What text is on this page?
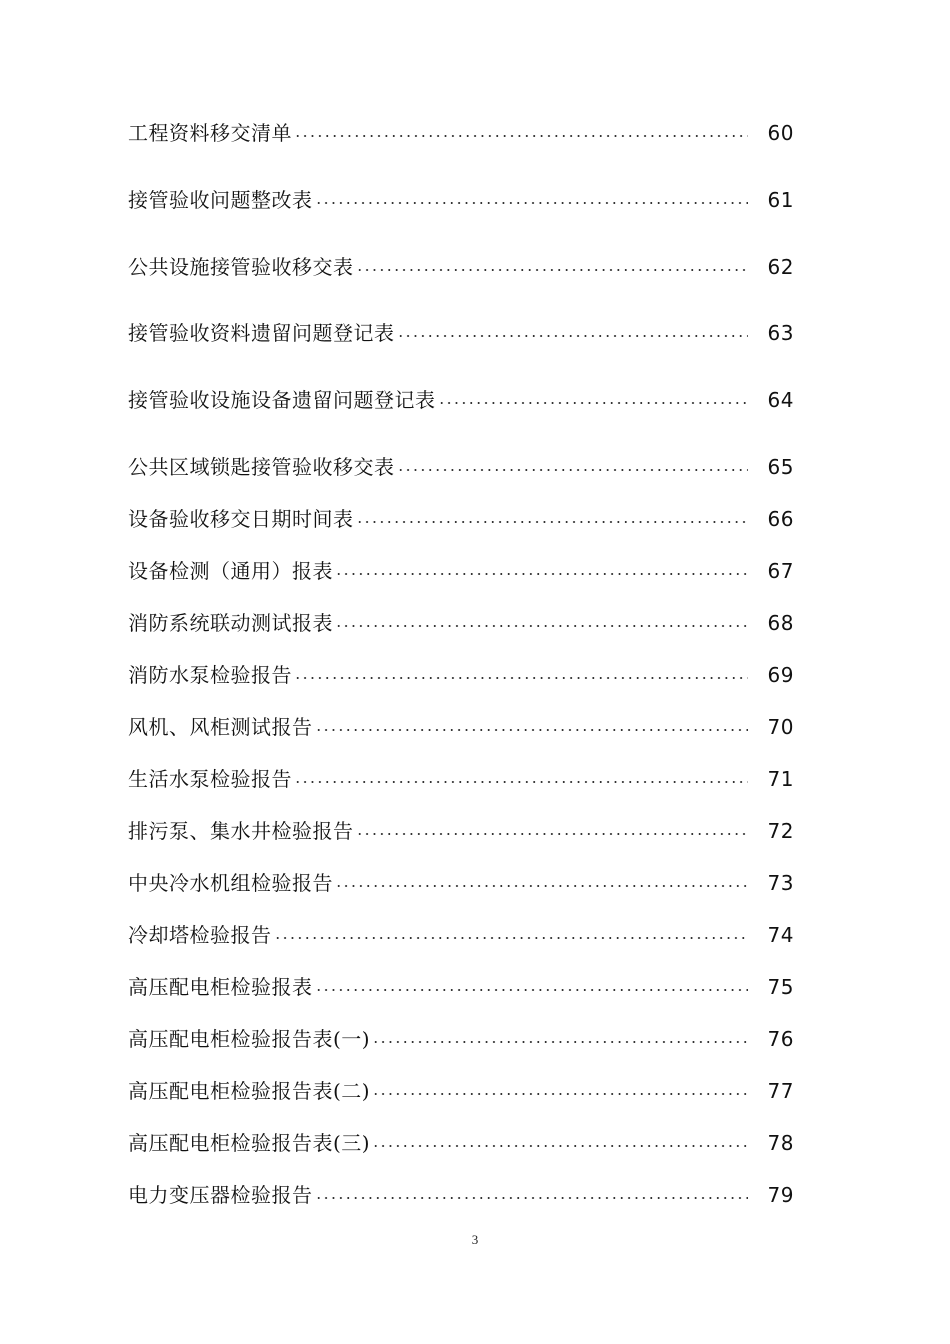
工程资料移交清单	60
接管验收问题整改表	61
公共设施接管验收移交表	62
接管验收资料遗留问题登记表	63
接管验收设施设备遗留问题登记表	64
公共区域锁匙接管验收移交表	65
设备验收移交日期时间表	66
设备检测（通用）报表	67
消防系统联动测试报表	68
消防水泵检验报告	69
风机、风柜测试报告	70
生活水泵检验报告	71
排污泵、集水井检验报告	72
中央冷水机组检验报告	73
冷却塔检验报告	74
高压配电柜检验报表	75
高压配电柜检验报告表(一)	76
高压配电柜检验报告表(二)	77
高压配电柜检验报告表(三)	78
电力变压器检验报告	79
3
